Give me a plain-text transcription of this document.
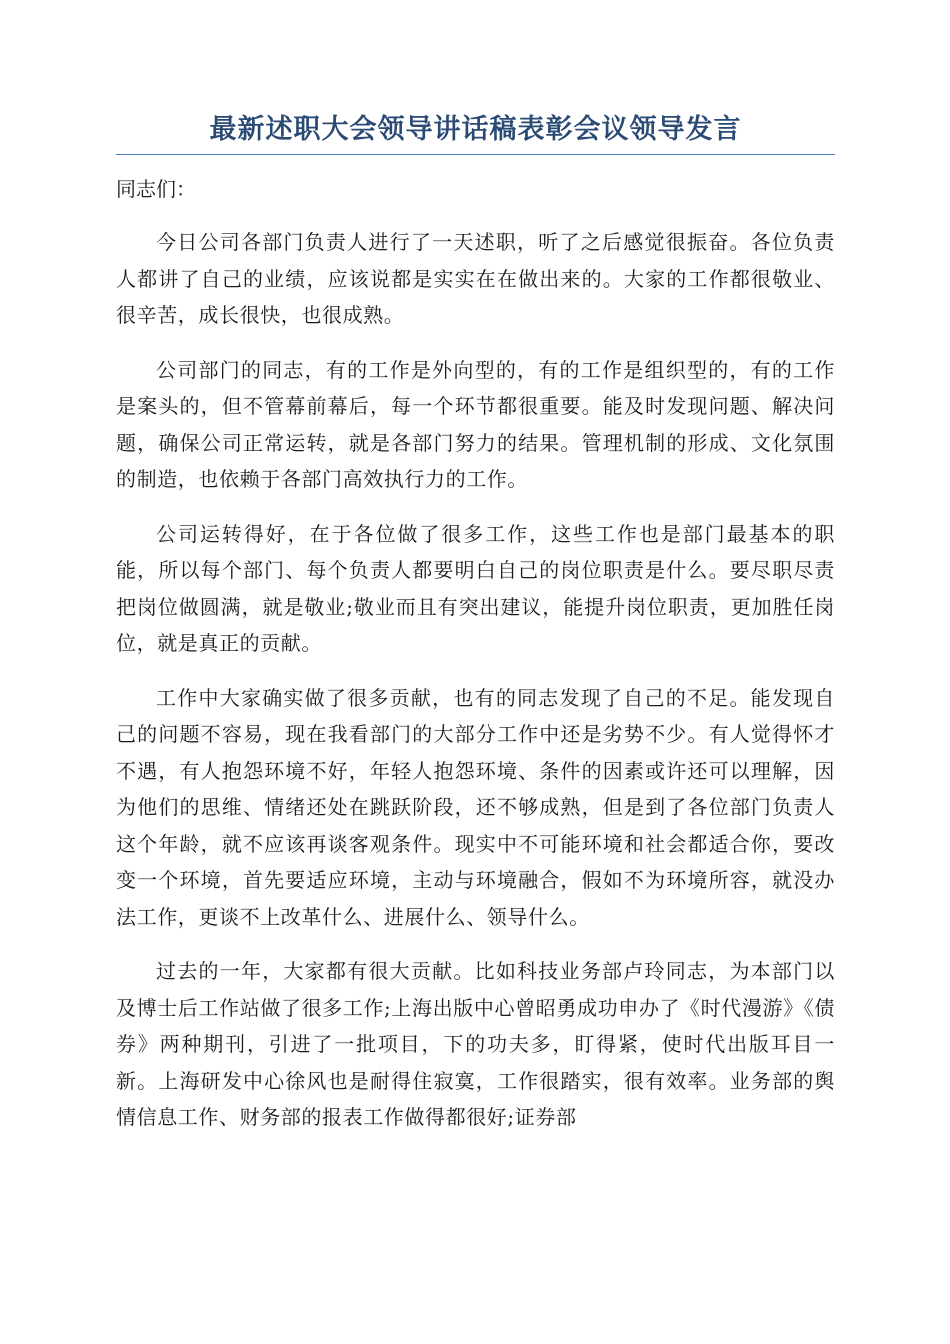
最新述职大会领导讲话稿表彰会议领导发言

同志们：

今日公司各部门负责人进行了一天述职，听了之后感觉很振奋。各位负责人都讲了自己的业绩，应该说都是实实在在做出来的。大家的工作都很敬业、很辛苦，成长很快，也很成熟。

公司部门的同志，有的工作是外向型的，有的工作是组织型的，有的工作是案头的，但不管幕前幕后，每一个环节都很重要。能及时发现问题、解决问题，确保公司正常运转，就是各部门努力的结果。管理机制的形成、文化氛围的制造，也依赖于各部门高效执行力的工作。

公司运转得好，在于各位做了很多工作，这些工作也是部门最基本的职能，所以每个部门、每个负责人都要明白自己的岗位职责是什么。要尽职尽责把岗位做圆满，就是敬业;敬业而且有突出建议，能提升岗位职责，更加胜任岗位，就是真正的贡献。

工作中大家确实做了很多贡献，也有的同志发现了自己的不足。能发现自己的问题不容易，现在我看部门的大部分工作中还是劣势不少。有人觉得怀才不遇，有人抱怨环境不好，年轻人抱怨环境、条件的因素或许还可以理解，因为他们的思维、情绪还处在跳跃阶段，还不够成熟，但是到了各位部门负责人这个年龄，就不应该再谈客观条件。现实中不可能环境和社会都适合你，要改变一个环境，首先要适应环境，主动与环境融合，假如不为环境所容，就没办法工作，更谈不上改革什么、进展什么、领导什么。

过去的一年，大家都有很大贡献。比如科技业务部卢玲同志，为本部门以及博士后工作站做了很多工作;上海出版中心曾昭勇成功申办了《时代漫游》《债券》两种期刊，引进了一批项目，下的功夫多，盯得紧，使时代出版耳目一新。上海研发中心徐风也是耐得住寂寞，工作很踏实，很有效率。业务部的舆情信息工作、财务部的报表工作做得都很好;证券部
